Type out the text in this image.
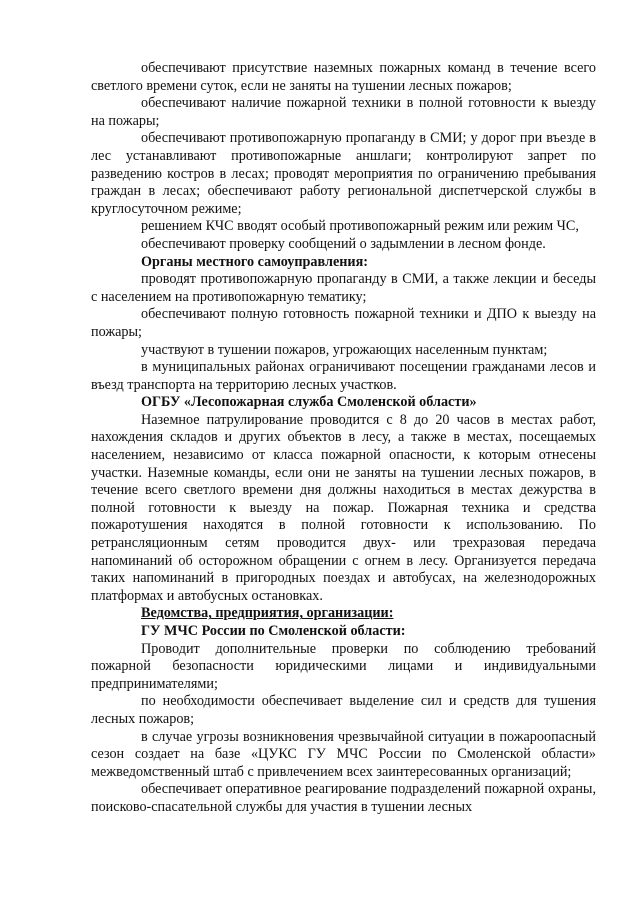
обеспечивают присутствие наземных пожарных команд в течение всего светлого времени суток, если не заняты на тушении лесных пожаров;

обеспечивают наличие пожарной техники в полной готовности к выезду на пожары;

обеспечивают противопожарную пропаганду в СМИ; у дорог при въезде в лес устанавливают противопожарные аншлаги; контролируют запрет по разведению костров в лесах; проводят мероприятия по ограничению пребывания граждан в лесах; обеспечивают работу региональной диспетчерской службы в круглосуточном режиме;

решением КЧС вводят особый противопожарный режим или режим ЧС,

обеспечивают проверку сообщений о задымлении в лесном фонде.

Органы местного самоуправления:

проводят противопожарную пропаганду в СМИ, а также лекции и беседы с населением на противопожарную тематику;

обеспечивают полную готовность пожарной техники и ДПО к выезду на пожары;

участвуют в тушении пожаров, угрожающих населенным пунктам;

в муниципальных районах ограничивают посещении гражданами лесов и въезд транспорта на территорию лесных участков.

ОГБУ «Лесопожарная служба Смоленской области»

Наземное патрулирование проводится с 8 до 20 часов в местах работ, нахождения складов и других объектов в лесу, а также в местах, посещаемых населением, независимо от класса пожарной опасности, к которым отнесены участки. Наземные команды, если они не заняты на тушении лесных пожаров, в течение всего светлого времени дня должны находиться в местах дежурства в полной готовности к выезду на пожар. Пожарная техника и средства пожаротушения находятся в полной готовности к использованию. По ретрансляционным сетям проводится двух- или трехразовая передача напоминаний об осторожном обращении с огнем в лесу. Организуется передача таких напоминаний в пригородных поездах и автобусах, на железнодорожных платформах и автобусных остановках.

Ведомства, предприятия, организации:

ГУ МЧС России по Смоленской области:

Проводит дополнительные проверки по соблюдению требований пожарной безопасности юридическими лицами и индивидуальными предпринимателями;

по необходимости обеспечивает выделение сил и средств для тушения лесных пожаров;

в случае угрозы возникновения чрезвычайной ситуации в пожароопасный сезон создает на базе «ЦУКС ГУ МЧС России по Смоленской области» межведомственный штаб с привлечением всех заинтересованных организаций;

обеспечивает оперативное реагирование подразделений пожарной охраны, поисково-спасательной службы для участия в тушении лесных
